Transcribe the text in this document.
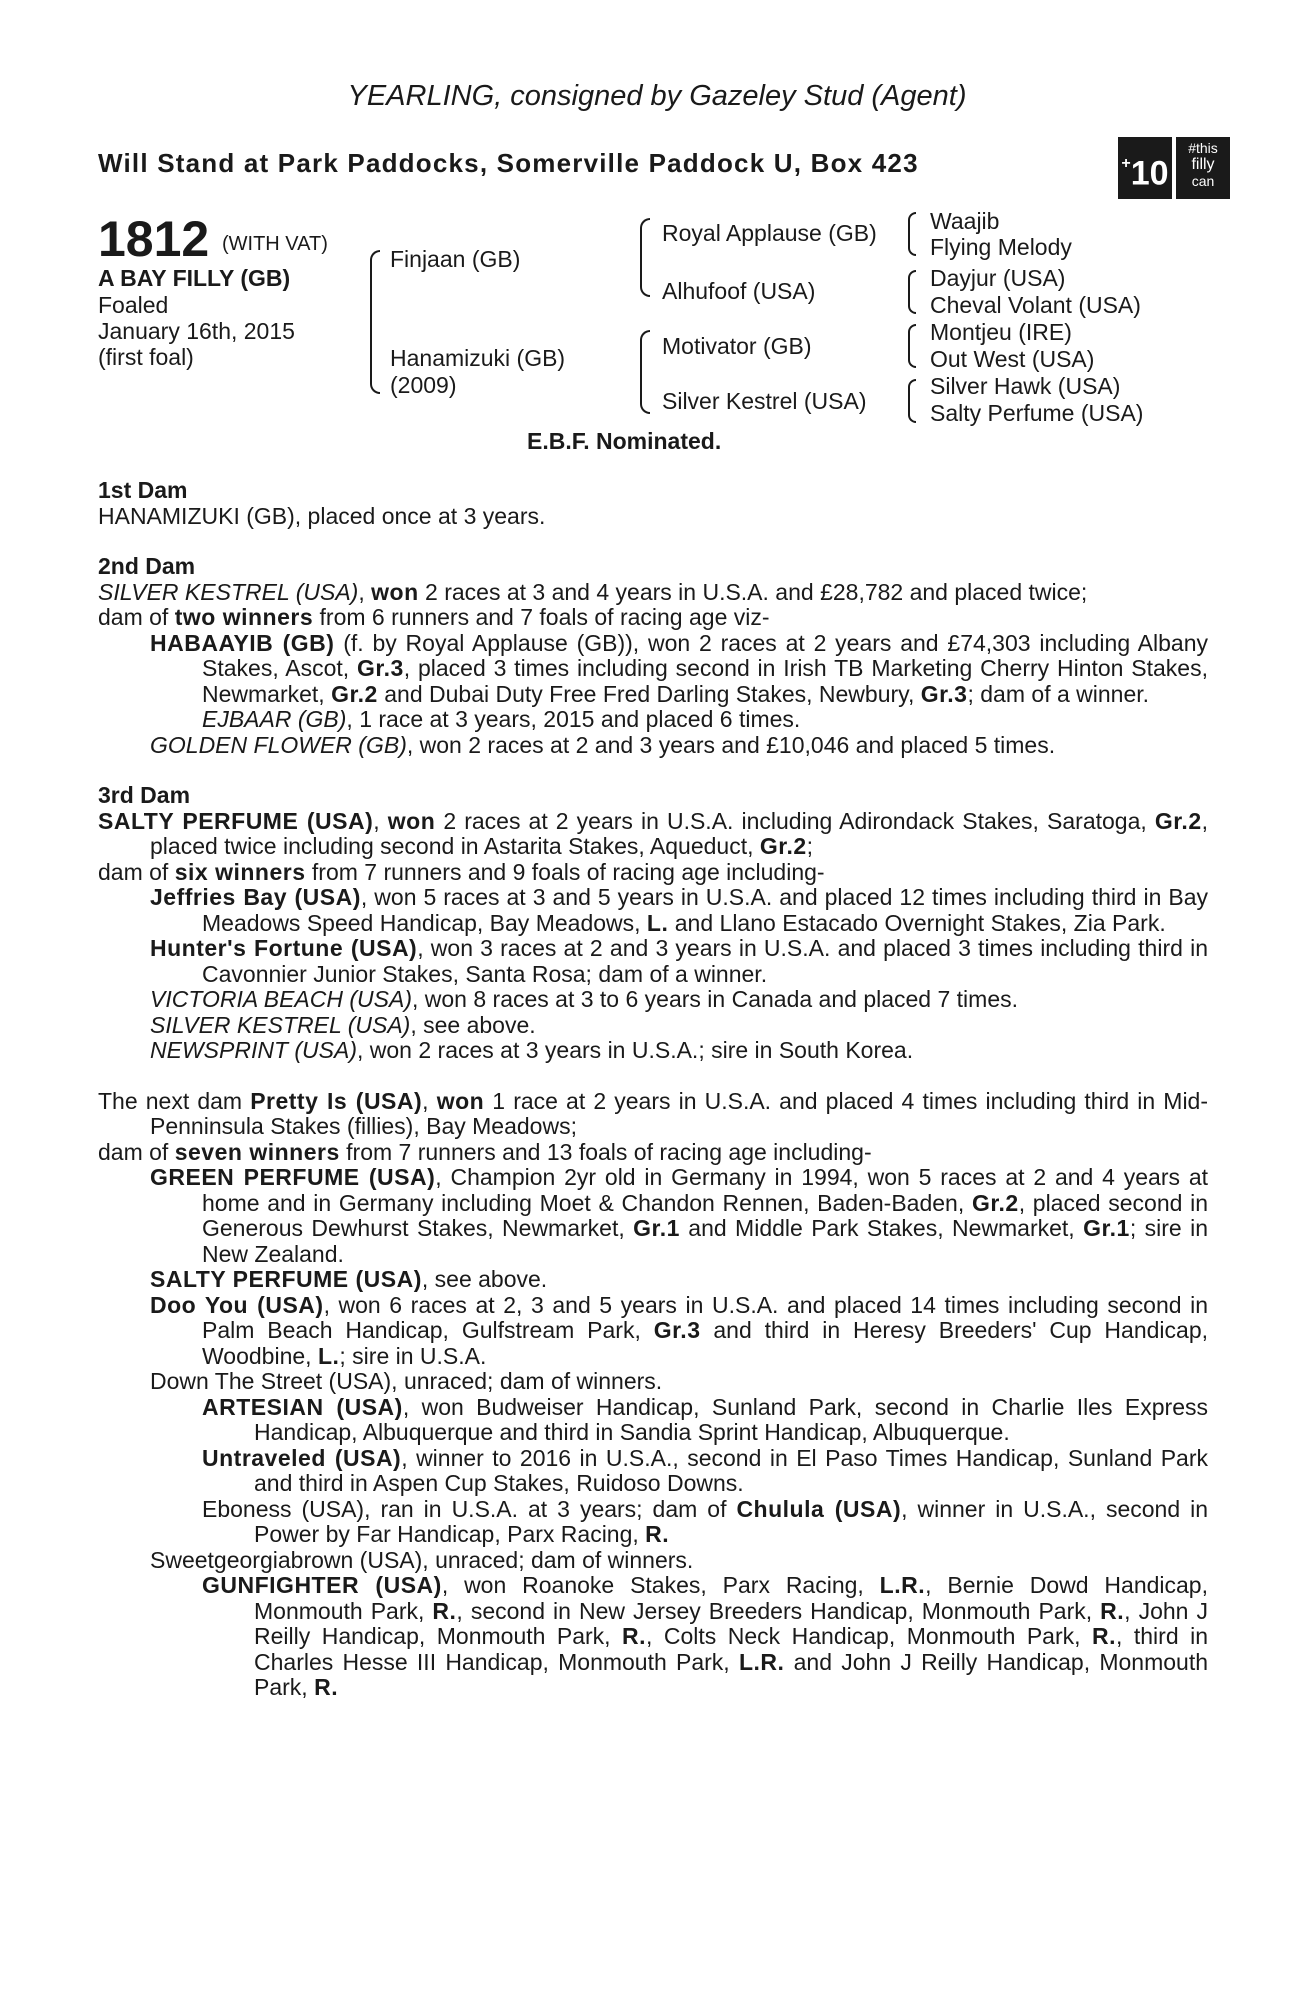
YEARLING, consigned by Gazeley Stud (Agent)
Will Stand at Park Paddocks, Somerville Paddock U, Box 423	+10
#this
filly
can
1812 (WITH VAT)
A BAY FILLY (GB)
Foaled
January 16th, 2015
(first foal)
Finjaan (GB)
Hanamizuki (GB)
(2009)
Royal Applause (GB)
Alhufoof (USA)
Motivator (GB)
Silver Kestrel (USA)
Waajib
Flying Melody
Dayjur (USA)
Cheval Volant (USA)
Montjeu (IRE)
Out West (USA)
Silver Hawk (USA)
Salty Perfume (USA)
E.B.F. Nominated.

1st Dam

HANAMIZUKI (GB), placed once at 3 years.

2nd Dam

SILVER KESTREL (USA), won 2 races at 3 and 4 years in U.S.A. and £28,782 and placed twice;

dam of two winners from 6 runners and 7 foals of racing age viz-

HABAAYIB (GB) (f. by Royal Applause (GB)), won 2 races at 2 years and £74,303 including Albany Stakes, Ascot, Gr.3, placed 3 times including second in Irish TB Marketing Cherry Hinton Stakes, Newmarket, Gr.2 and Dubai Duty Free Fred Darling Stakes, Newbury, Gr.3; dam of a winner.

EJBAAR (GB), 1 race at 3 years, 2015 and placed 6 times.

GOLDEN FLOWER (GB), won 2 races at 2 and 3 years and £10,046 and placed 5 times.

3rd Dam

SALTY PERFUME (USA), won 2 races at 2 years in U.S.A. including Adirondack Stakes, Saratoga, Gr.2, placed twice including second in Astarita Stakes, Aqueduct, Gr.2;

dam of six winners from 7 runners and 9 foals of racing age including-

Jeffries Bay (USA), won 5 races at 3 and 5 years in U.S.A. and placed 12 times including third in Bay Meadows Speed Handicap, Bay Meadows, L. and Llano Estacado Overnight Stakes, Zia Park.

Hunter's Fortune (USA), won 3 races at 2 and 3 years in U.S.A. and placed 3 times including third in Cavonnier Junior Stakes, Santa Rosa; dam of a winner.

VICTORIA BEACH (USA), won 8 races at 3 to 6 years in Canada and placed 7 times.

SILVER KESTREL (USA), see above.

NEWSPRINT (USA), won 2 races at 3 years in U.S.A.; sire in South Korea.

The next dam Pretty Is (USA), won 1 race at 2 years in U.S.A. and placed 4 times including third in Mid-Penninsula Stakes (fillies), Bay Meadows;

dam of seven winners from 7 runners and 13 foals of racing age including-

GREEN PERFUME (USA), Champion 2yr old in Germany in 1994, won 5 races at 2 and 4 years at home and in Germany including Moet & Chandon Rennen, Baden-Baden, Gr.2, placed second in Generous Dewhurst Stakes, Newmarket, Gr.1 and Middle Park Stakes, Newmarket, Gr.1; sire in New Zealand.

SALTY PERFUME (USA), see above.

Doo You (USA), won 6 races at 2, 3 and 5 years in U.S.A. and placed 14 times including second in Palm Beach Handicap, Gulfstream Park, Gr.3 and third in Heresy Breeders' Cup Handicap, Woodbine, L.; sire in U.S.A.

Down The Street (USA), unraced; dam of winners.

ARTESIAN (USA), won Budweiser Handicap, Sunland Park, second in Charlie Iles Express Handicap, Albuquerque and third in Sandia Sprint Handicap, Albuquerque.

Untraveled (USA), winner to 2016 in U.S.A., second in El Paso Times Handicap, Sunland Park and third in Aspen Cup Stakes, Ruidoso Downs.

Eboness (USA), ran in U.S.A. at 3 years; dam of Chulula (USA), winner in U.S.A., second in Power by Far Handicap, Parx Racing, R.

Sweetgeorgiabrown (USA), unraced; dam of winners.

GUNFIGHTER (USA), won Roanoke Stakes, Parx Racing, L.R., Bernie Dowd Handicap, Monmouth Park, R., second in New Jersey Breeders Handicap, Monmouth Park, R., John J Reilly Handicap, Monmouth Park, R., Colts Neck Handicap, Monmouth Park, R., third in Charles Hesse III Handicap, Monmouth Park, L.R. and John J Reilly Handicap, Monmouth Park, R.
